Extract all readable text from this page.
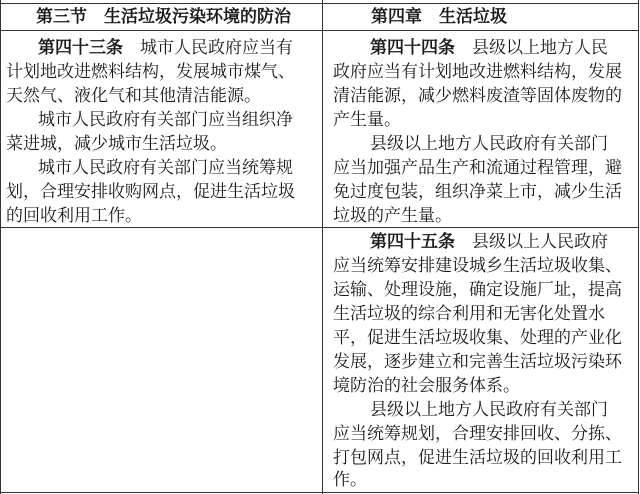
第三节　生活垃圾污染环境的防治	第四章　生活垃圾
第四十三条　 城市人民政府应当有
计划地改进燃料结构，发展城市煤气、
天然气、液化气和其他清洁能源。
城市人民政府有关部门应当组织净
菜进城，减少城市生活垃圾。
城市人民政府有关部门应当统筹规
划，合理安排收购网点，促进生活垃圾
的回收利用工作。
第四十四条　 县级以上地方人民
政府应当有计划地改进燃料结构，发展
清洁能源，减少燃料废渣等固体废物的
产生量。
县级以上地方人民政府有关部门
应当加强产品生产和流通过程管理，避
免过度包装，组织净菜上市，减少生活
垃圾的产生量。
第四十五条　 县级以上人民政府
应当统筹安排建设城乡生活垃圾收集、
运输、处理设施，确定设施厂址，提高
生活垃圾的综合利用和无害化处置水
平，促进生活垃圾收集、处理的产业化
发展，逐步建立和完善生活垃圾污染环
境防治的社会服务体系。
县级以上地方人民政府有关部门
应当统筹规划，合理安排回收、分拣、
打包网点，促进生活垃圾的回收利用工
作。
